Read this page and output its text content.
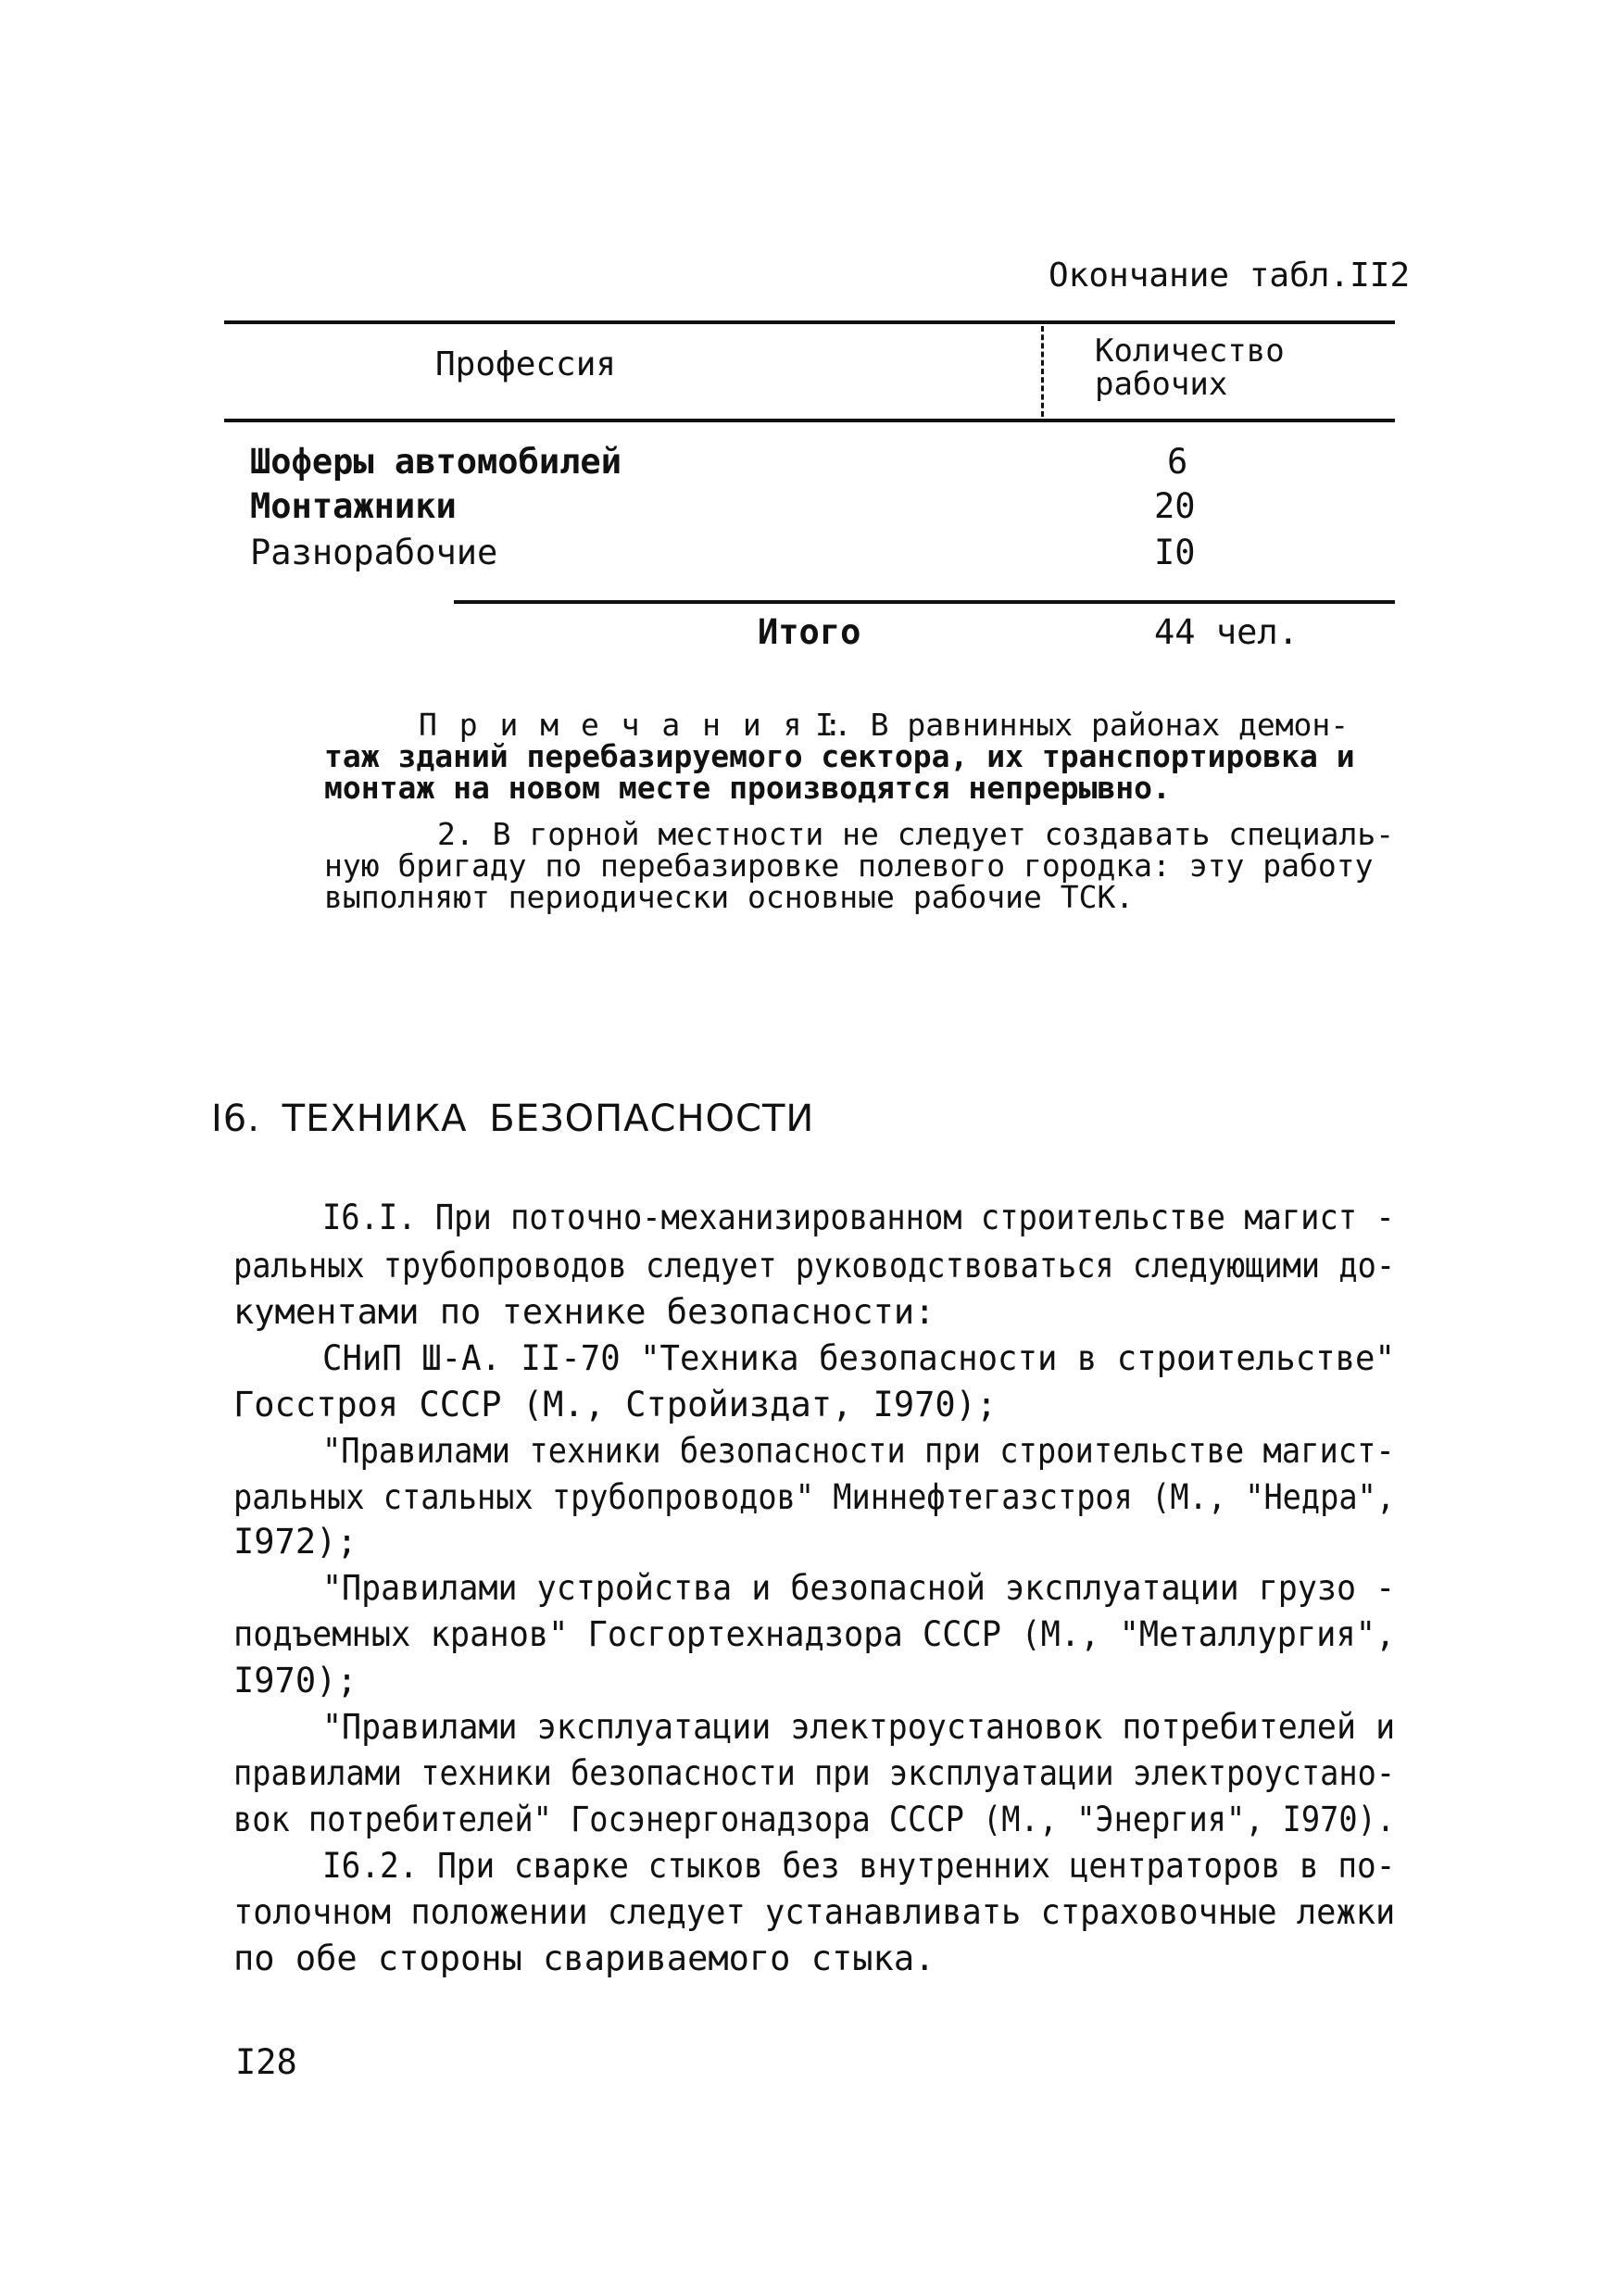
Окончание табл.II2
Профессия	Количество
рабочих
Шоферы автомобилей	6
Монтажники	20
Разнорабочие	I0
Итого	44 чел.
П р и м е ч а н и я :
I. В равнинных районах демон-
таж зданий перебазируемого сектора, их транспортировка и
монтаж на новом месте производятся непрерывно.
2. В горной местности не следует создавать специаль-
ную бригаду по перебазировке полевого городка: эту работу
выполняют периодически основные рабочие ТСК.
I6. ТЕХНИКА БЕЗОПАСНОСТИ
I6.I. При поточно-механизированном строительстве магист -
ральных трубопроводов следует руководствоваться следующими до-
кументами по технике безопасности:
СНиП Ш-А. II-70 "Техника безопасности в строительстве"
Госстроя СССР (М., Стройиздат, I970);
"Правилами техники безопасности при строительстве магист-
ральных стальных трубопроводов" Миннефтегазстроя (М., "Недра",
I972);
"Правилами устройства и безопасной эксплуатации грузо -
подъемных кранов" Госгортехнадзора СССР (М., "Металлургия",
I970);
"Правилами эксплуатации электроустановок потребителей и
правилами техники безопасности при эксплуатации электроустано-
вок потребителей" Госэнергонадзора СССР (М., "Энергия", I970).
I6.2. При сварке стыков без внутренних центраторов в по-
толочном положении следует устанавливать страховочные лежки
по обе стороны свариваемого стыка.
I28
